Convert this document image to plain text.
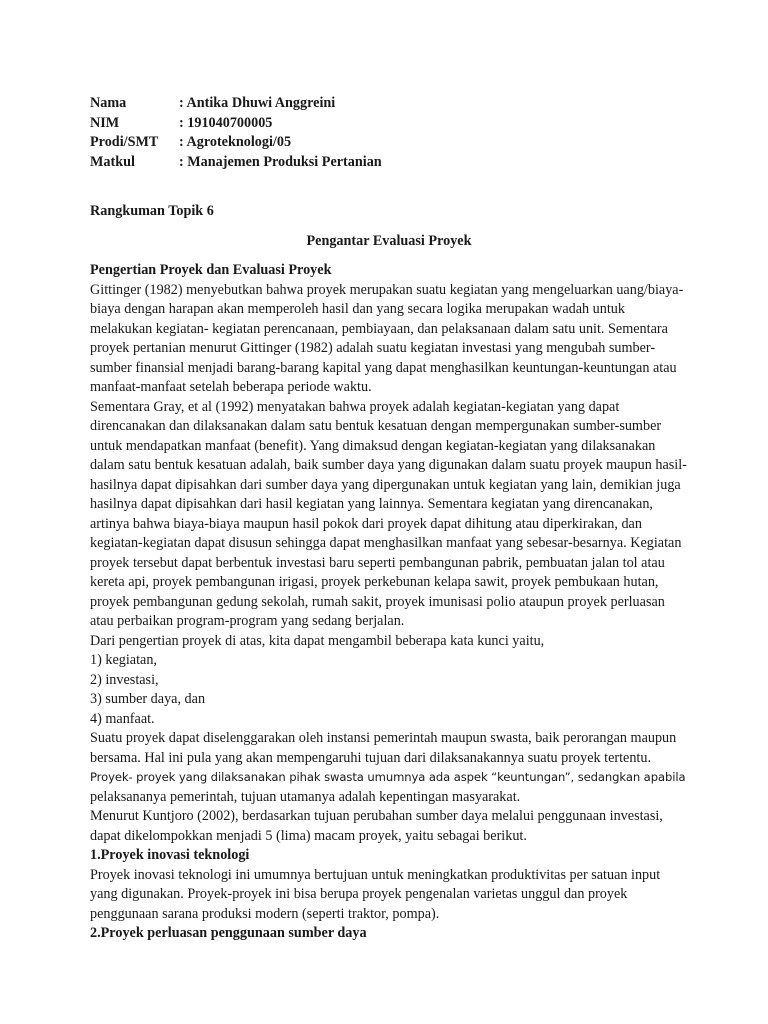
Nama	: Antika Dhuwi Anggreini
NIM	: 191040700005
Prodi/SMT	: Agroteknologi/05
Matkul	: Manajemen Produksi Pertanian
Rangkuman Topik 6
Pengantar Evaluasi Proyek
Pengertian Proyek dan Evaluasi Proyek

Gittinger (1982) menyebutkan bahwa proyek merupakan suatu kegiatan yang mengeluarkan uang/biaya-biaya dengan harapan akan memperoleh hasil dan yang secara logika merupakan wadah untuk melakukan kegiatan- kegiatan perencanaan, pembiayaan, dan pelaksanaan dalam satu unit. Sementara proyek pertanian menurut Gittinger (1982) adalah suatu kegiatan investasi yang mengubah sumber-sumber finansial menjadi barang-barang kapital yang dapat menghasilkan keuntungan-keuntungan atau manfaat-manfaat setelah beberapa periode waktu.

Sementara Gray, et al (1992) menyatakan bahwa proyek adalah kegiatan-kegiatan yang dapat direncanakan dan dilaksanakan dalam satu bentuk kesatuan dengan mempergunakan sumber-sumber untuk mendapatkan manfaat (benefit). Yang dimaksud dengan kegiatan-kegiatan yang dilaksanakan dalam satu bentuk kesatuan adalah, baik sumber daya yang digunakan dalam suatu proyek maupun hasil-hasilnya dapat dipisahkan dari sumber daya yang dipergunakan untuk kegiatan yang lain, demikian juga hasilnya dapat dipisahkan dari hasil kegiatan yang lainnya. Sementara kegiatan yang direncanakan, artinya bahwa biaya-biaya maupun hasil pokok dari proyek dapat dihitung atau diperkirakan, dan kegiatan-kegiatan dapat disusun sehingga dapat menghasilkan manfaat yang sebesar-besarnya. Kegiatan proyek tersebut dapat berbentuk investasi baru seperti pembangunan pabrik, pembuatan jalan tol atau kereta api, proyek pembangunan irigasi, proyek perkebunan kelapa sawit, proyek pembukaan hutan, proyek pembangunan gedung sekolah, rumah sakit, proyek imunisasi polio ataupun proyek perluasan atau perbaikan program-program yang sedang berjalan.

Dari pengertian proyek di atas, kita dapat mengambil beberapa kata kunci yaitu,

1) kegiatan,
2) investasi,
3) sumber daya, dan
4) manfaat.

Suatu proyek dapat diselenggarakan oleh instansi pemerintah maupun swasta, baik perorangan maupun bersama. Hal ini pula yang akan mempengaruhi tujuan dari dilaksanakannya suatu proyek tertentu.

Proyek- proyek yang dilaksanakan pihak swasta umumnya ada aspek “keuntungan”, sedangkan apabila

pelaksananya pemerintah, tujuan utamanya adalah kepentingan masyarakat.

Menurut Kuntjoro (2002), berdasarkan tujuan perubahan sumber daya melalui penggunaan investasi, dapat dikelompokkan menjadi 5 (lima) macam proyek, yaitu sebagai berikut.

1.Proyek inovasi teknologi

Proyek inovasi teknologi ini umumnya bertujuan untuk meningkatkan produktivitas per satuan input yang digunakan. Proyek-proyek ini bisa berupa proyek pengenalan varietas unggul dan proyek penggunaan sarana produksi modern (seperti traktor, pompa).

2.Proyek perluasan penggunaan sumber daya
